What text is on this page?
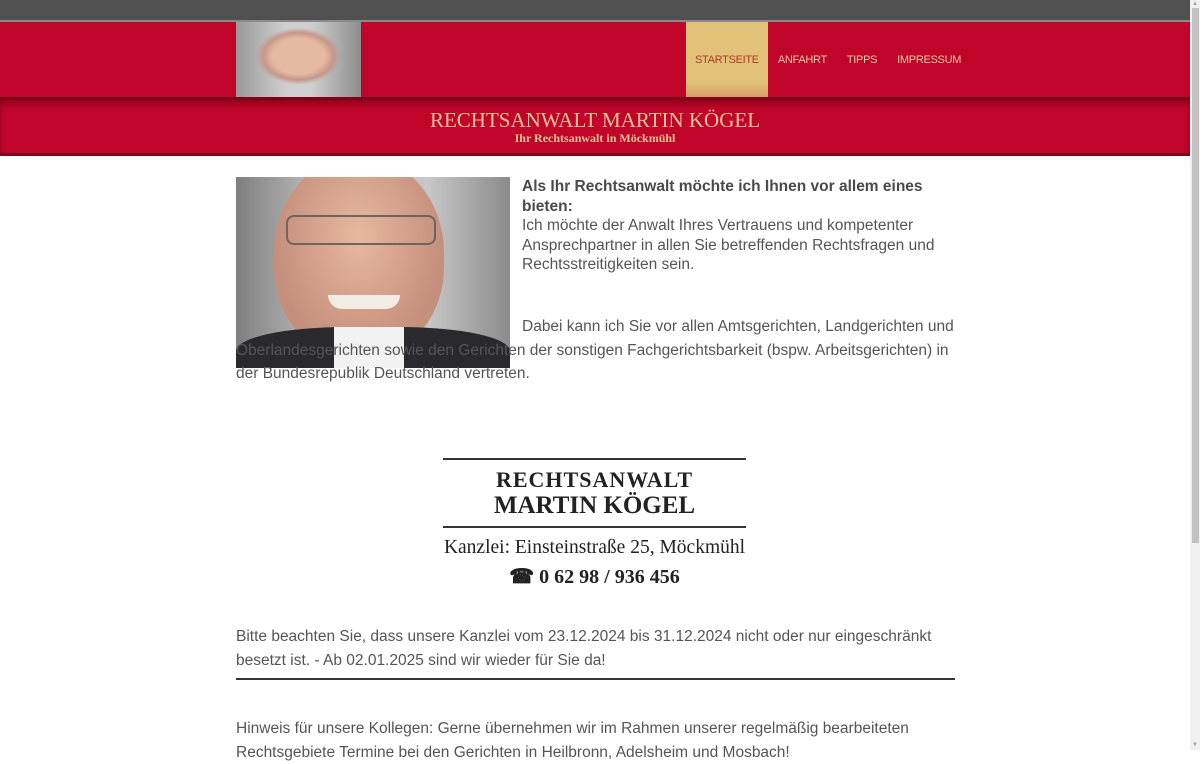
STARTSEITE	ANFAHRT	TIPPS	IMPRESSUM
RECHTSANWALT MARTIN KÖGEL
Ihr Rechtsanwalt in Möckmühl
Als Ihr Rechtsanwalt möchte ich Ihnen vor allem eines bieten:
Ich möchte der Anwalt Ihres Vertrauens und kompetenter Ansprechpartner in allen Sie betreffenden Rechtsfragen und Rechtsstreitigkeiten sein.
Dabei kann ich Sie vor allen Amtsgerichten, Landgerichten und Oberlandesgerichten sowie den Gerichten der sonstigen Fachgerichtsbarkeit (bspw. Arbeitsgerichten) in der Bundesrepublik Deutschland vertreten.
RECHTSANWALT
MARTIN KÖGEL
Kanzlei: Einsteinstraße 25, Möckmühl
☎ 0 62 98 / 936 456
Bitte beachten Sie, dass unsere Kanzlei vom 23.12.2024 bis 31.12.2024 nicht oder nur eingeschränkt besetzt ist. - Ab 02.01.2025 sind wir wieder für Sie da!
Hinweis für unsere Kollegen: Gerne übernehmen wir im Rahmen unserer regelmäßig bearbeiteten Rechtsgebiete Termine bei den Gerichten in Heilbronn, Adelsheim und Mosbach!
▲
▼
